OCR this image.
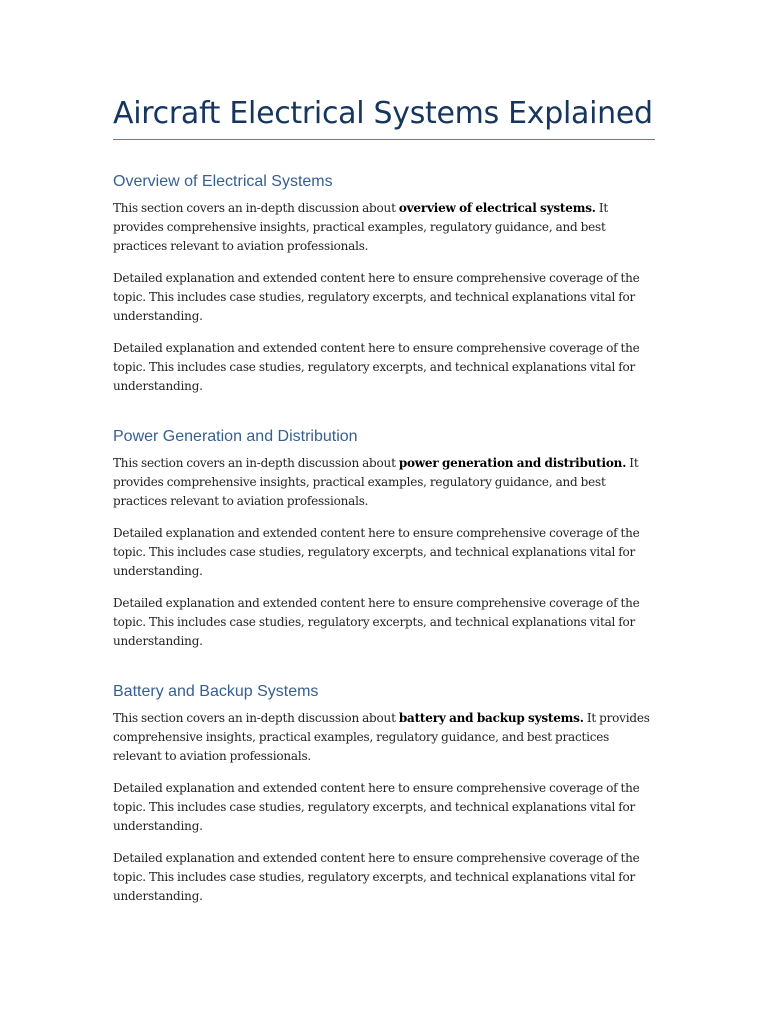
Aircraft Electrical Systems Explained
Overview of Electrical Systems

This section covers an in-depth discussion about overview of electrical systems. It provides comprehensive insights, practical examples, regulatory guidance, and best practices relevant to aviation professionals.

Detailed explanation and extended content here to ensure comprehensive coverage of the topic. This includes case studies, regulatory excerpts, and technical explanations vital for understanding.

Detailed explanation and extended content here to ensure comprehensive coverage of the topic. This includes case studies, regulatory excerpts, and technical explanations vital for understanding.

Power Generation and Distribution

This section covers an in-depth discussion about power generation and distribution. It provides comprehensive insights, practical examples, regulatory guidance, and best practices relevant to aviation professionals.

Detailed explanation and extended content here to ensure comprehensive coverage of the topic. This includes case studies, regulatory excerpts, and technical explanations vital for understanding.

Detailed explanation and extended content here to ensure comprehensive coverage of the topic. This includes case studies, regulatory excerpts, and technical explanations vital for understanding.

Battery and Backup Systems

This section covers an in-depth discussion about battery and backup systems. It provides comprehensive insights, practical examples, regulatory guidance, and best practices relevant to aviation professionals.

Detailed explanation and extended content here to ensure comprehensive coverage of the topic. This includes case studies, regulatory excerpts, and technical explanations vital for understanding.

Detailed explanation and extended content here to ensure comprehensive coverage of the topic. This includes case studies, regulatory excerpts, and technical explanations vital for understanding.
